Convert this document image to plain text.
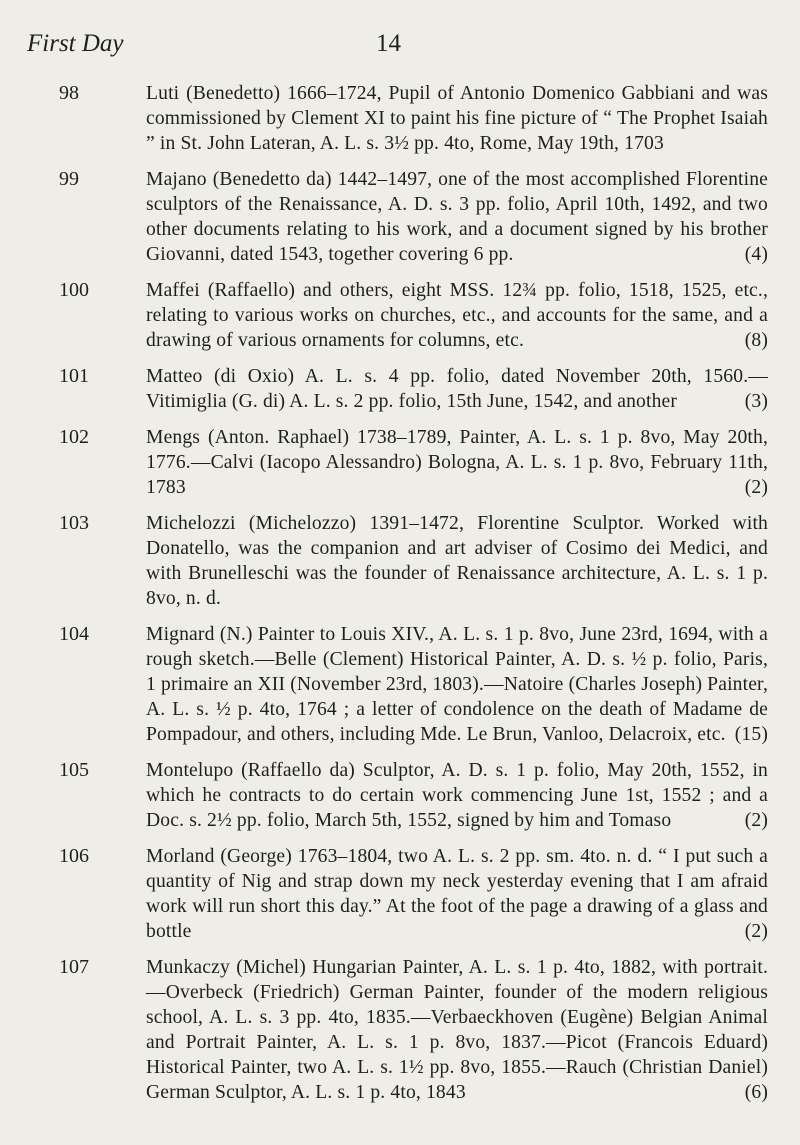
First Day	14
98	Luti (Benedetto) 1666–1724, Pupil of Antonio Domenico Gabbiani and was commissioned by Clement XI to paint his fine picture of “ The Prophet Isaiah ” in St. John Lateran, A. L. s. 3½ pp. 4to, Rome, May 19th, 1703
99	Majano (Benedetto da) 1442–1497, one of the most accomplished Florentine sculptors of the Renaissance, A. D. s. 3 pp. folio, April 10th, 1492, and two other documents relating to his work, and a document signed by his brother Giovanni, dated 1543, together covering 6 pp.	(4)
100	Maffei (Raffaello) and others, eight MSS. 12¾ pp. folio, 1518, 1525, etc., relating to various works on churches, etc., and accounts for the same, and a drawing of various ornaments for columns, etc.	(8)
101	Matteo (di Oxio) A. L. s. 4 pp. folio, dated November 20th, 1560.—Vitimiglia (G. di) A. L. s. 2 pp. folio, 15th June, 1542, and another	(3)
102	Mengs (Anton. Raphael) 1738–1789, Painter, A. L. s. 1 p. 8vo, May 20th, 1776.—Calvi (Iacopo Alessandro) Bologna, A. L. s. 1 p. 8vo, February 11th, 1783	(2)
103	Michelozzi (Michelozzo) 1391–1472, Florentine Sculptor. Worked with Donatello, was the companion and art adviser of Cosimo dei Medici, and with Brunelleschi was the founder of Renaissance architecture, A. L. s. 1 p. 8vo, n. d.
104	Mignard (N.) Painter to Louis XIV., A. L. s. 1 p. 8vo, June 23rd, 1694, with a rough sketch.—Belle (Clement) Historical Painter, A. D. s. ½ p. folio, Paris, 1 primaire an XII (November 23rd, 1803).—Natoire (Charles Joseph) Painter, A. L. s. ½ p. 4to, 1764 ; a letter of condolence on the death of Madame de Pompadour, and others, including Mde. Le Brun, Vanloo, Delacroix, etc. (15)
105	Montelupo (Raffaello da) Sculptor, A. D. s. 1 p. folio, May 20th, 1552, in which he contracts to do certain work commencing June 1st, 1552 ; and a Doc. s. 2½ pp. folio, March 5th, 1552, signed by him and Tomaso	(2)
106	Morland (George) 1763–1804, two A. L. s. 2 pp. sm. 4to. n. d. “ I put such a quantity of Nig and strap down my neck yesterday evening that I am afraid work will run short this day.” At the foot of the page a drawing of a glass and bottle	(2)
107	Munkaczy (Michel) Hungarian Painter, A. L. s. 1 p. 4to, 1882, with portrait.—Overbeck (Friedrich) German Painter, founder of the modern religious school, A. L. s. 3 pp. 4to, 1835.—Verbaeckhoven (Eugène) Belgian Animal and Portrait Painter, A. L. s. 1 p. 8vo, 1837.—Picot (Francois Eduard) Historical Painter, two A. L. s. 1½ pp. 8vo, 1855.—Rauch (Christian Daniel) German Sculptor, A. L. s. 1 p. 4to, 1843	(6)
